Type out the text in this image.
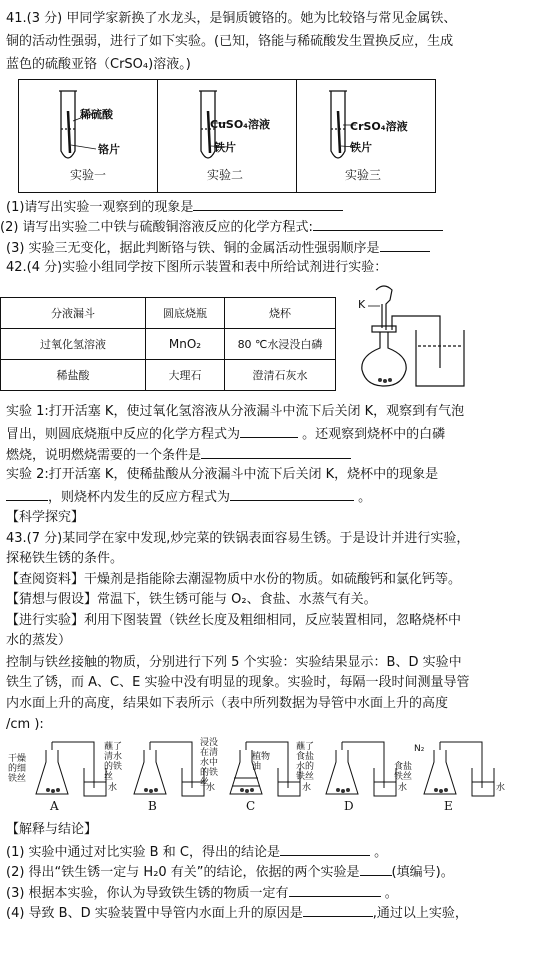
41.(3 分) 甲同学家新换了水龙头，是铜质镀铬的。她为比较铬与常见金属铁、
铜的活动性强弱，进行了如下实验。(已知，铬能与稀硫酸发生置换反应，生成
蓝色的硫酸亚铬（CrSO₄)溶液。)
稀硫酸
铬片
实验一
CuSO₄溶液
铁片
实验二
CrSO₄溶液
铁片
实验三
(1)请写出实验一观察到的现象是
(2) 请写出实验二中铁与硫酸铜溶液反应的化学方程式:
(3) 实验三无变化，据此判断铬与铁、铜的金属活动性强弱顺序是
42.(4 分)实验小组同学按下图所示装置和表中所给试剂进行实验：
分液漏斗	圆底烧瓶	烧杯
过氧化氢溶液	MnO₂	80 ℃水浸没白磷
稀盐酸	大理石	澄清石灰水
K
实验 1:打开活塞 K，使过氧化氢溶液从分液漏斗中流下后关闭 K，观察到有气泡
冒出，则圆底烧瓶中反应的化学方程式为	。还观察到烧杯中的白磷
燃烧，说明燃烧需要的一个条件是
实验 2:打开活塞 K，使稀盐酸从分液漏斗中流下后关闭 K，烧杯中的现象是
，则烧杯内发生的反应方程式为	。
【科学探究】
43.(7 分)某同学在家中发现,炒完菜的铁锅表面容易生锈。于是设计并进行实验，
探秘铁生锈的条件。
【查阅资料】干燥剂是指能除去潮湿物质中水份的物质。如硫酸钙和氯化钙等。
【猜想与假设】常温下，铁生锈可能与 O₂、食盐、水蒸气有关。
【进行实验】利用下图装置（铁丝长度及粗细相同，反应装置相同，忽略烧杯中
水的蒸发）
控制与铁丝接触的物质，分别进行下列 5 个实验：实验结果显示：B、D 实验中
铁生了锈，而 A、C、E 实验中没有明显的现象。实验时，每隔一段时间测量导管
内水面上升的高度，结果如下表所示（表中所列数据为导管中水面上升的高度
/cm ):
干燥
的细
铁丝
水
蘸了
清水
的铁
丝
水
浸没
在清
水中
的铁
丝
植物
油
水
蘸了
食盐
水的
铁丝
水
N₂
食盐
铁丝
水
A	B	C	D	E
【解释与结论】
(1) 实验中通过对比实验 B 和 C，得出的结论是	。
(2) 得出“铁生锈一定与 H₂0 有关”的结论，依据的两个实验是 (填编号)。
(3) 根据本实验，你认为导致铁生锈的物质一定有	。
(4) 导致 B、D 实验装置中导管内水面上升的原因是	,通过以上实验，
